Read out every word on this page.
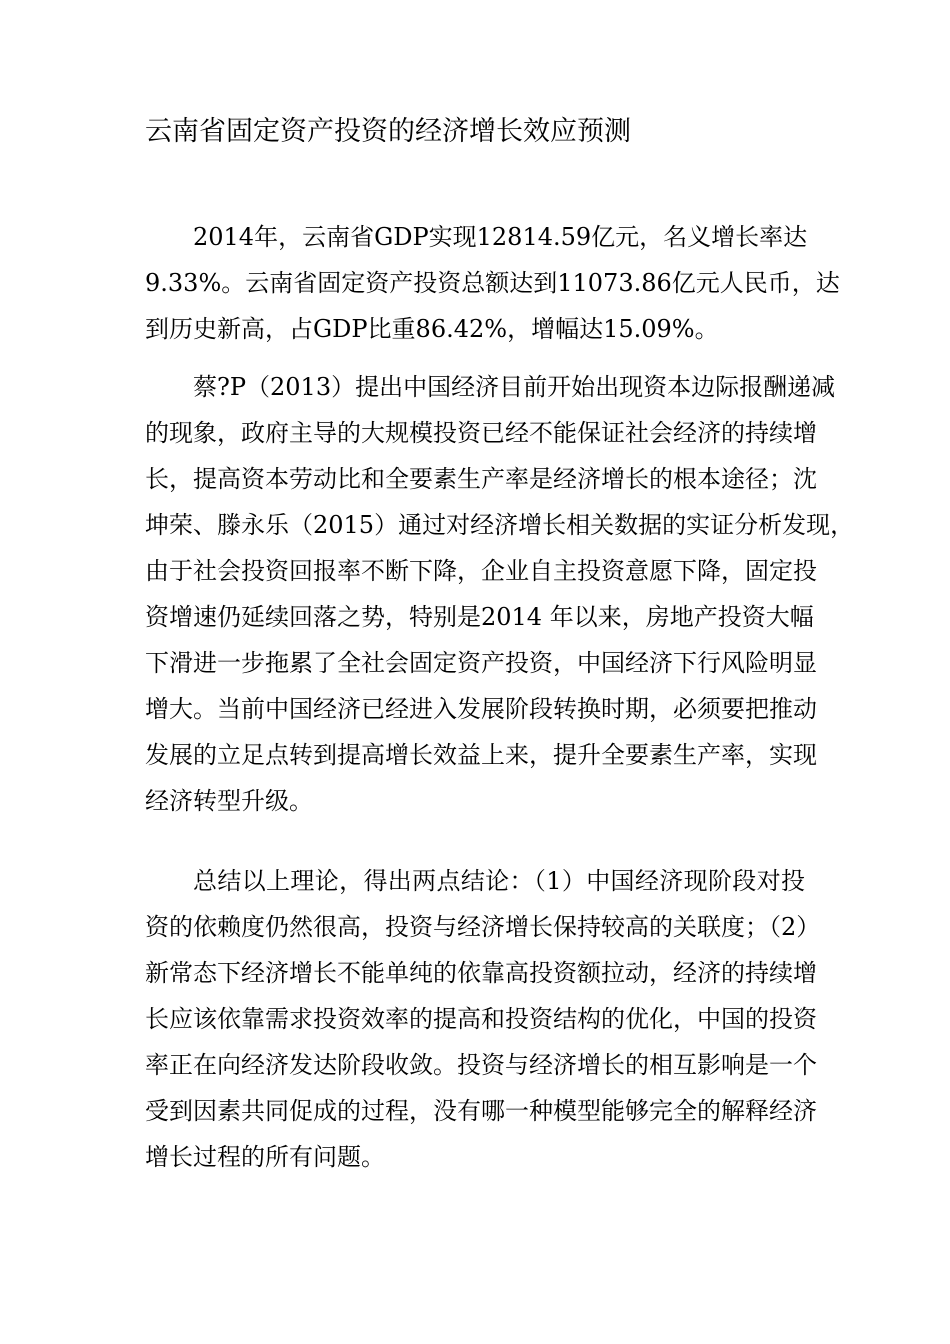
云南省固定资产投资的经济增长效应预测
2014年，云南省GDP实现12814.59亿元，名义增长率达
9.33%。云南省固定资产投资总额达到11073.86亿元人民币，达
到历史新高，占GDP比重86.42%，增幅达15.09%。
蔡?P（2013）提出中国经济目前开始出现资本边际报酬递减
的现象，政府主导的大规模投资已经不能保证社会经济的持续增
长，提高资本劳动比和全要素生产率是经济增长的根本途径；沈
坤荣、滕永乐（2015）通过对经济增长相关数据的实证分析发现，
由于社会投资回报率不断下降，企业自主投资意愿下降，固定投
资增速仍延续回落之势，特别是2014 年以来，房地产投资大幅
下滑进一步拖累了全社会固定资产投资，中国经济下行风险明显
增大。当前中国经济已经进入发展阶段转换时期，必须要把推动
发展的立足点转到提高增长效益上来，提升全要素生产率，实现
经济转型升级。
总结以上理论，得出两点结论：（1）中国经济现阶段对投
资的依赖度仍然很高，投资与经济增长保持较高的关联度；（2）
新常态下经济增长不能单纯的依靠高投资额拉动，经济的持续增
长应该依靠需求投资效率的提高和投资结构的优化，中国的投资
率正在向经济发达阶段收敛。投资与经济增长的相互影响是一个
受到因素共同促成的过程，没有哪一种模型能够完全的解释经济
增长过程的所有问题。
